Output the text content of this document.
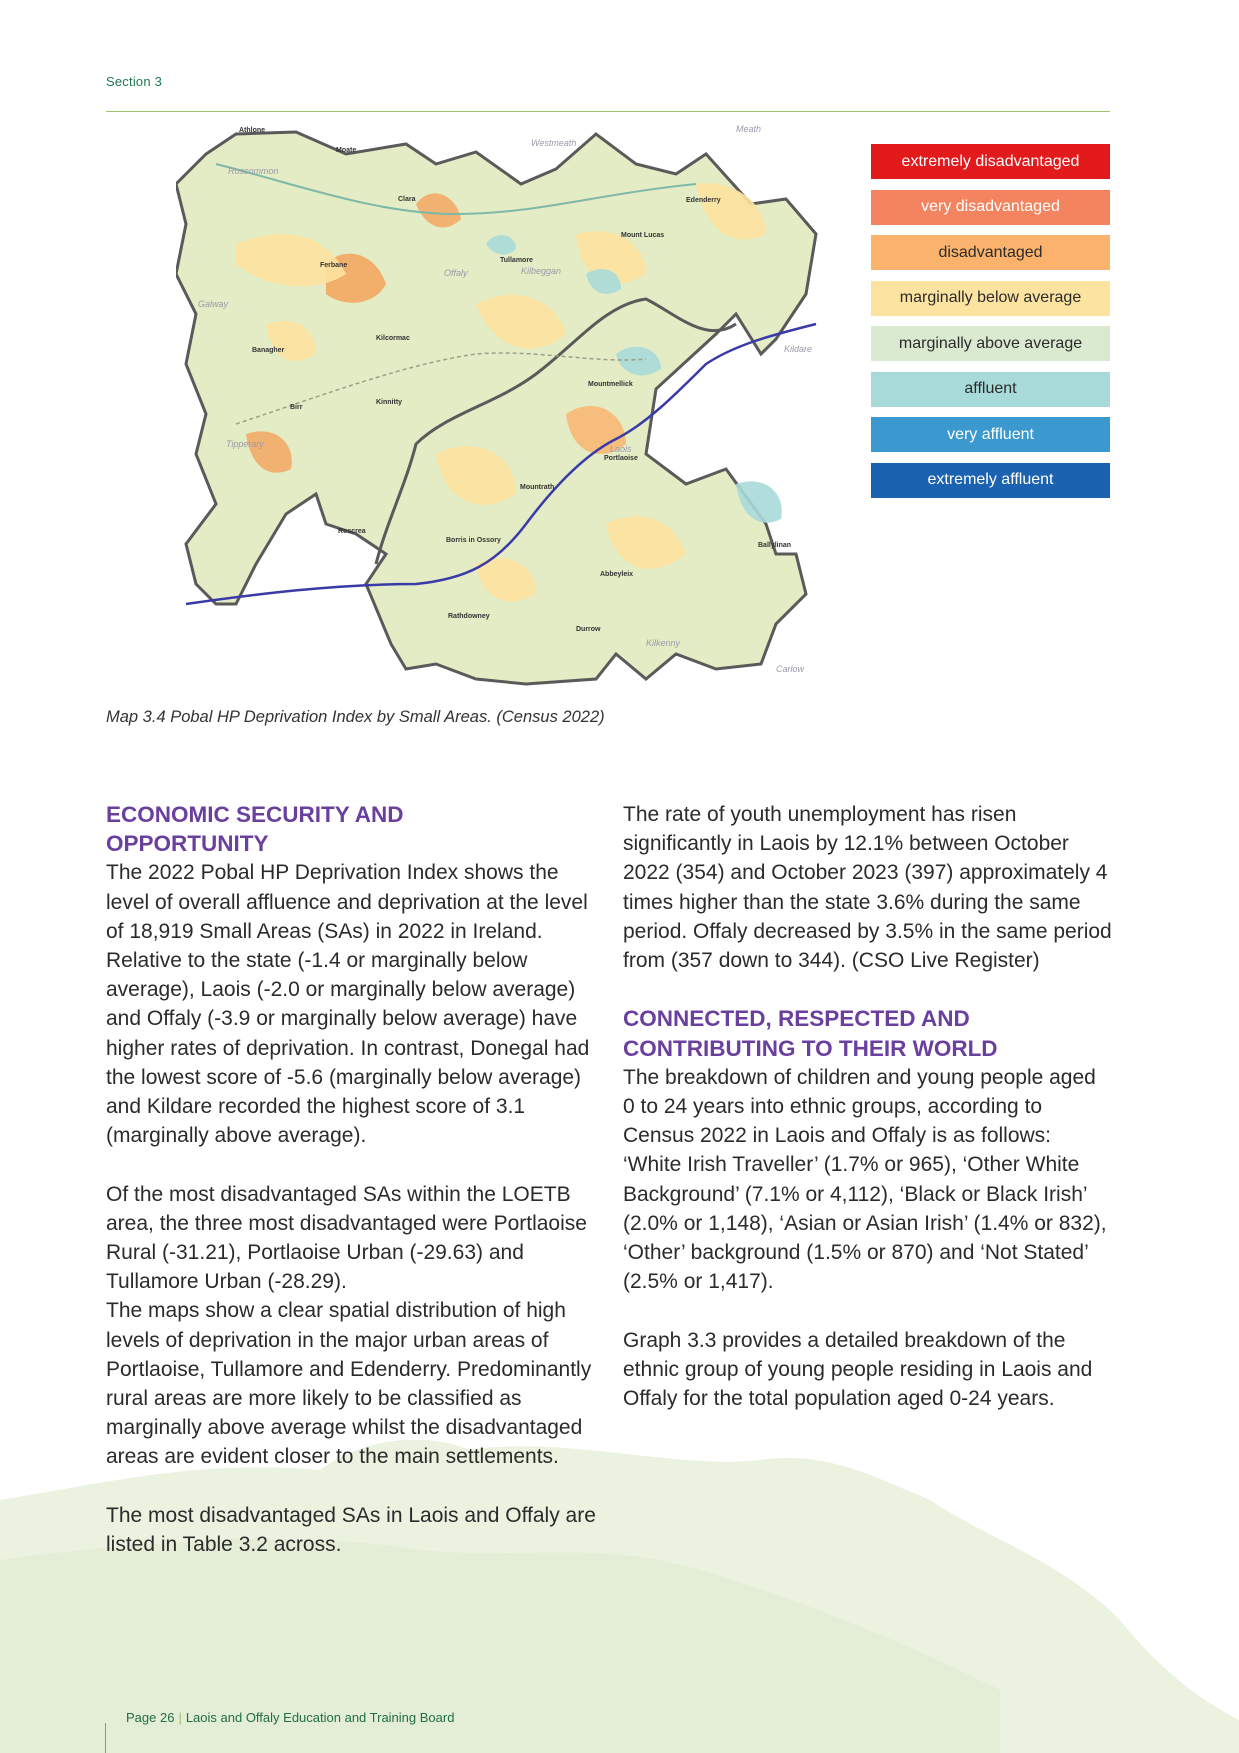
Section 3
Athlone
Moate
Clara	Edenderry
Mount Lucas
Ferbane
Tullamore
Kilcormac
Banagher
Mountmellick
Kinnitty
Birr
Portlaoise
Mountrath
Roscrea
Borris in Ossory
Ballylinan
Abbeyleix
Rathdowney
Durrow
Westmeath
Meath
Roscommon
Kilbeggan
Offaly
Galway
Kildare
Tipperary	Laois
Kilkenny
Carlow
extremely disadvantaged
very disadvantaged
disadvantaged
marginally below average
marginally above average
affluent
very affluent
extremely affluent
Map 3.4 Pobal HP Deprivation Index by Small Areas. (Census 2022)
ECONOMIC SECURITY AND
OPPORTUNITY

The 2022 Pobal HP Deprivation Index shows the level of overall affluence and deprivation at the level of 18,919 Small Areas (SAs) in 2022 in Ireland. Relative to the state (-1.4 or marginally below average), Laois (-2.0 or marginally below average) and Offaly (-3.9 or marginally below average) have higher rates of deprivation. In contrast, Donegal had the lowest score of -5.6 (marginally below average) and Kildare recorded the highest score of 3.1 (marginally above average).

Of the most disadvantaged SAs within the LOETB area, the three most disadvantaged were Portlaoise Rural (-31.21), Portlaoise Urban (-29.63) and Tullamore Urban (-28.29).

The maps show a clear spatial distribution of high levels of deprivation in the major urban areas of Portlaoise, Tullamore and Edenderry. Predominantly rural areas are more likely to be classified as marginally above average whilst the disadvantaged areas are evident closer to the main settlements.

The most disadvantaged SAs in Laois and Offaly are listed in Table 3.2 across.

The rate of youth unemployment has risen significantly in Laois by 12.1% between October 2022 (354) and October 2023 (397) approximately 4 times higher than the state 3.6% during the same period. Offaly decreased by 3.5% in the same period from (357 down to 344). (CSO Live Register)

CONNECTED, RESPECTED AND
CONTRIBUTING TO THEIR WORLD

The breakdown of children and young people aged 0 to 24 years into ethnic groups, according to Census 2022 in Laois and Offaly is as follows: ‘White Irish Traveller’ (1.7% or 965), ‘Other White Background’ (7.1% or 4,112), ‘Black or Black Irish’ (2.0% or 1,148), ‘Asian or Asian Irish’ (1.4% or 832), ‘Other’ background (1.5% or 870) and ‘Not Stated’ (2.5% or 1,417).

Graph 3.3 provides a detailed breakdown of the ethnic group of young people residing in Laois and Offaly for the total population aged 0-24 years.

Page 26 | Laois and Offaly Education and Training Board
